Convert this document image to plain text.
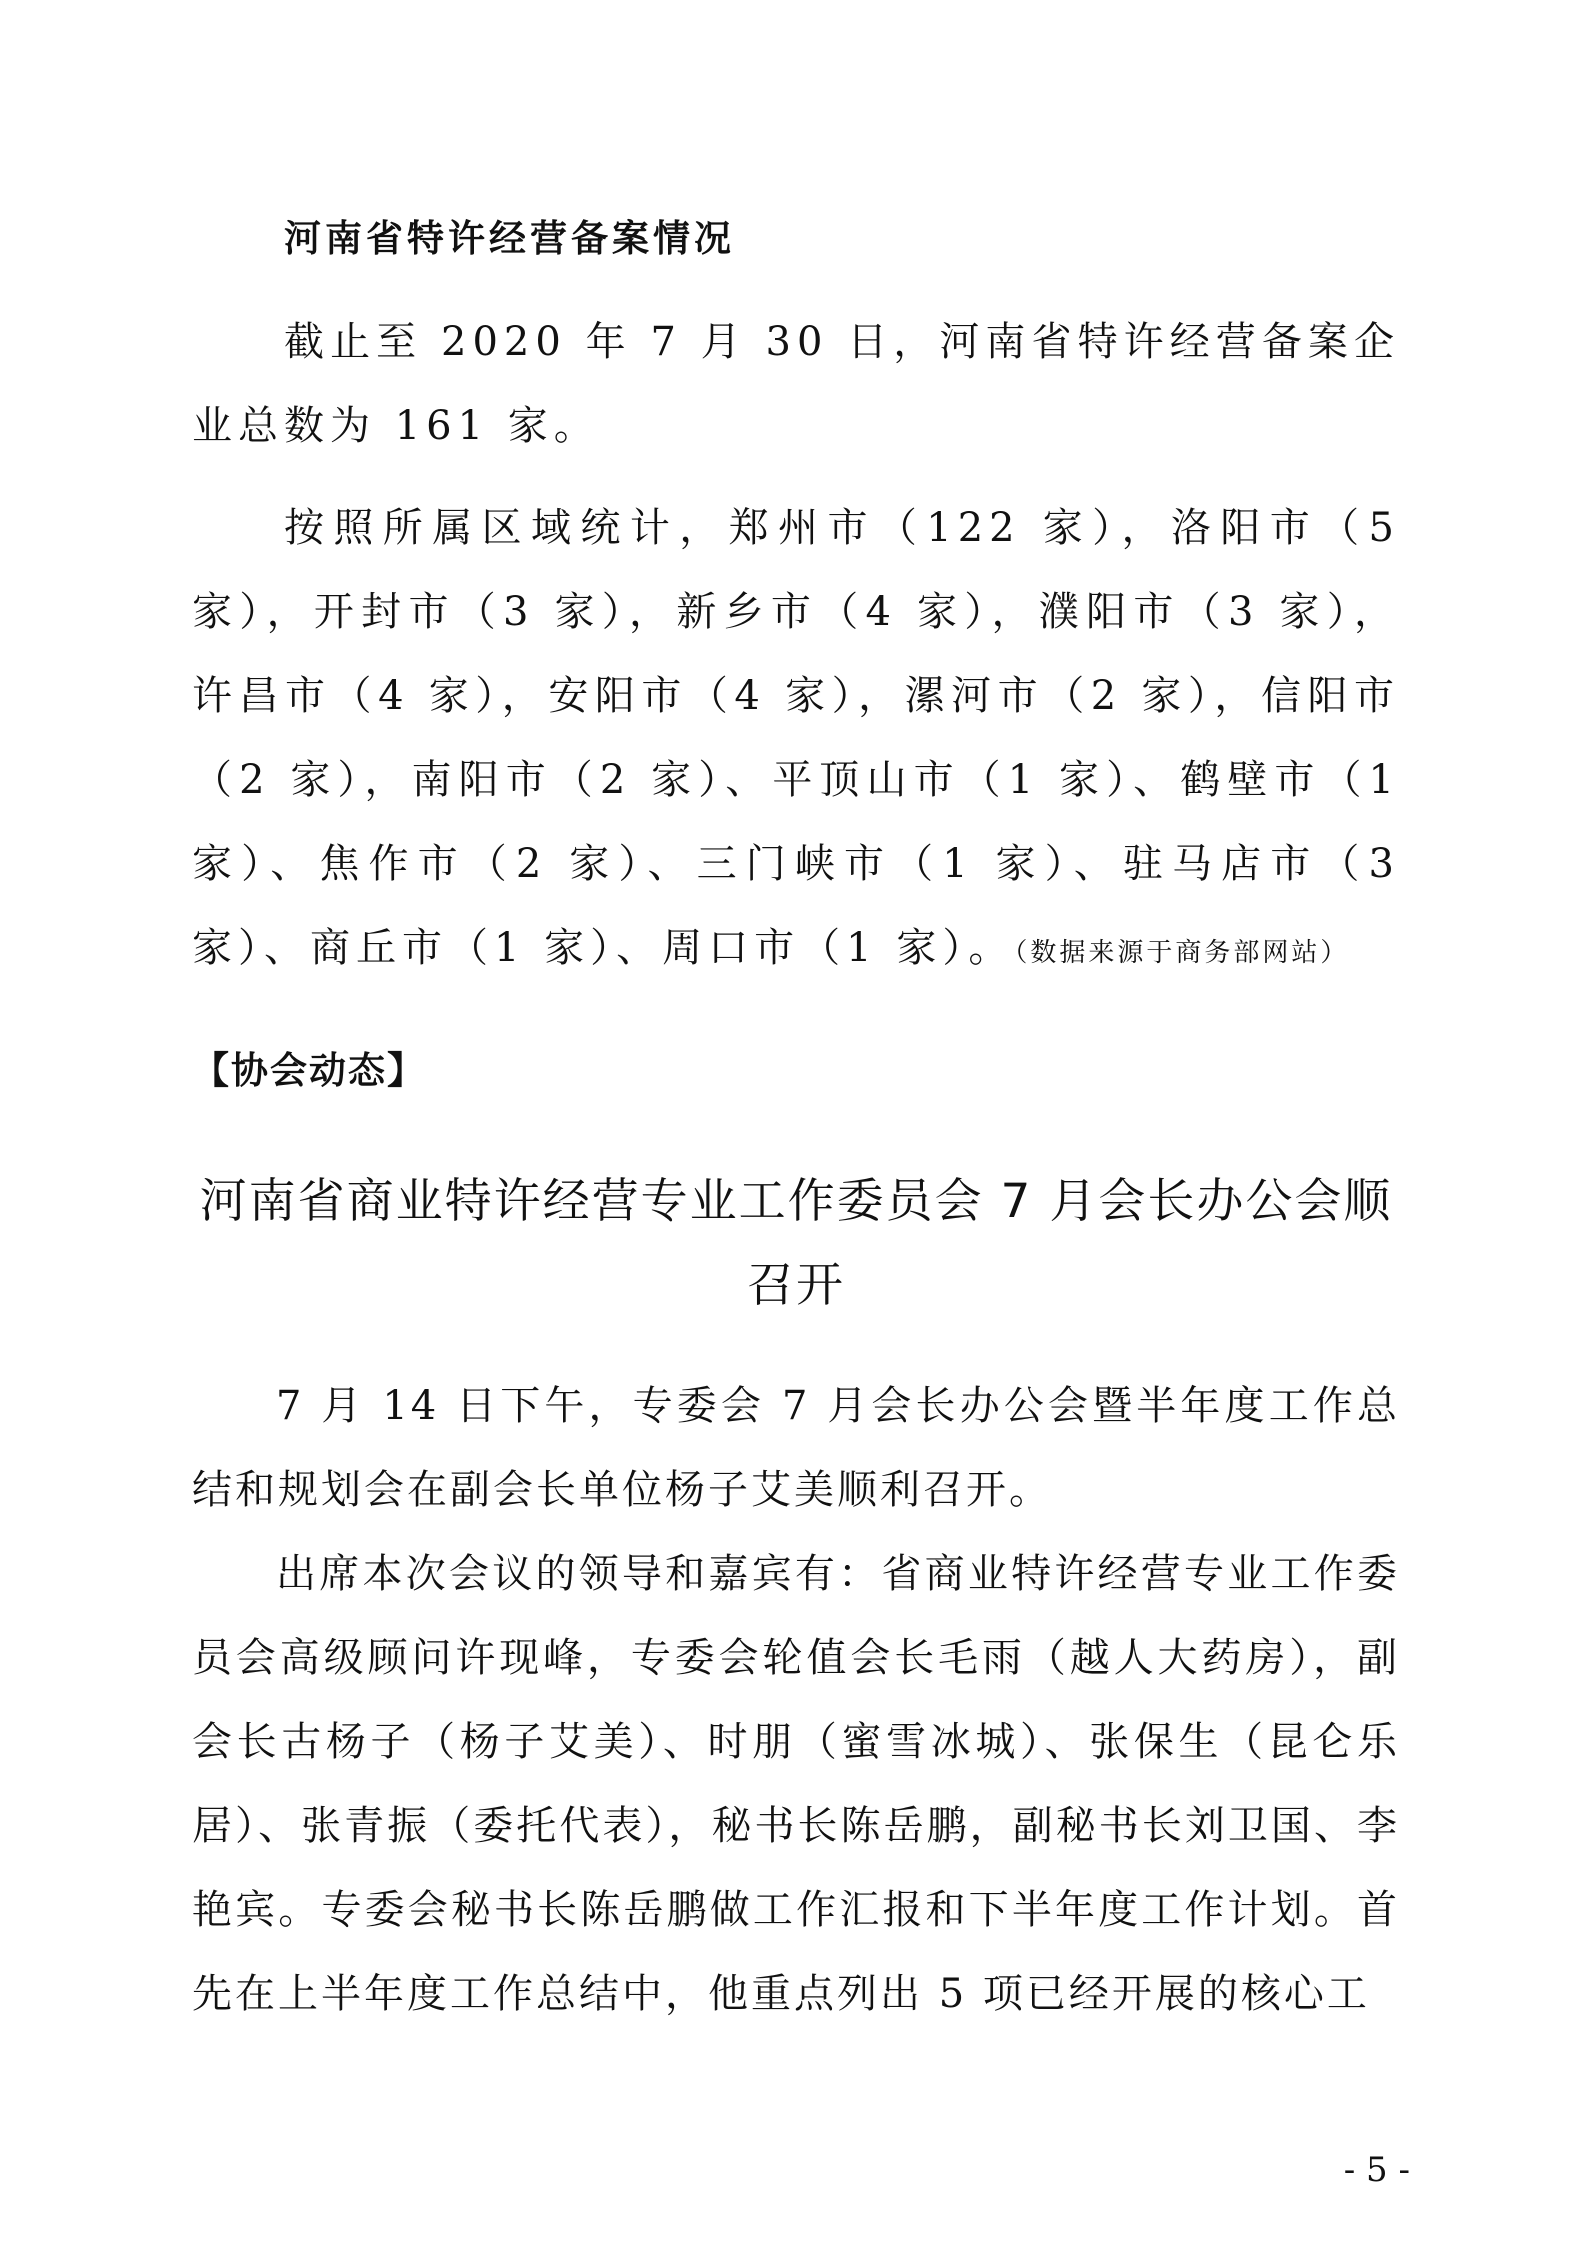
河南省特许经营备案情况
截止至 2020 年 7 月 30 日，河南省特许经营备案企业总数为 161 家。
按照所属区域统计，郑州市（122 家），洛阳市（5 家），开封市（3 家），新乡市（4 家），濮阳市（3 家），许昌市（4 家），安阳市（4 家），漯河市（2 家），信阳市（2 家），南阳市（2 家）、平顶山市（1 家）、鹤壁市（1 家）、焦作市（2 家）、三门峡市（1 家）、驻马店市（3 家）、商丘市（1 家）、周口市（1 家）。（数据来源于商务部网站）
【协会动态】
河南省商业特许经营专业工作委员会 7 月会长办公会顺召开
7 月 14 日下午，专委会 7 月会长办公会暨半年度工作总结和规划会在副会长单位杨子艾美顺利召开。
出席本次会议的领导和嘉宾有：省商业特许经营专业工作委员会高级顾问许现峰，专委会轮值会长毛雨（越人大药房），副会长古杨子（杨子艾美）、时朋（蜜雪冰城）、张保生（昆仑乐居）、张青振（委托代表），秘书长陈岳鹏，副秘书长刘卫国、李艳宾。专委会秘书长陈岳鹏做工作汇报和下半年度工作计划。首先在上半年度工作总结中，他重点列出 5 项已经开展的核心工
- 5 -
